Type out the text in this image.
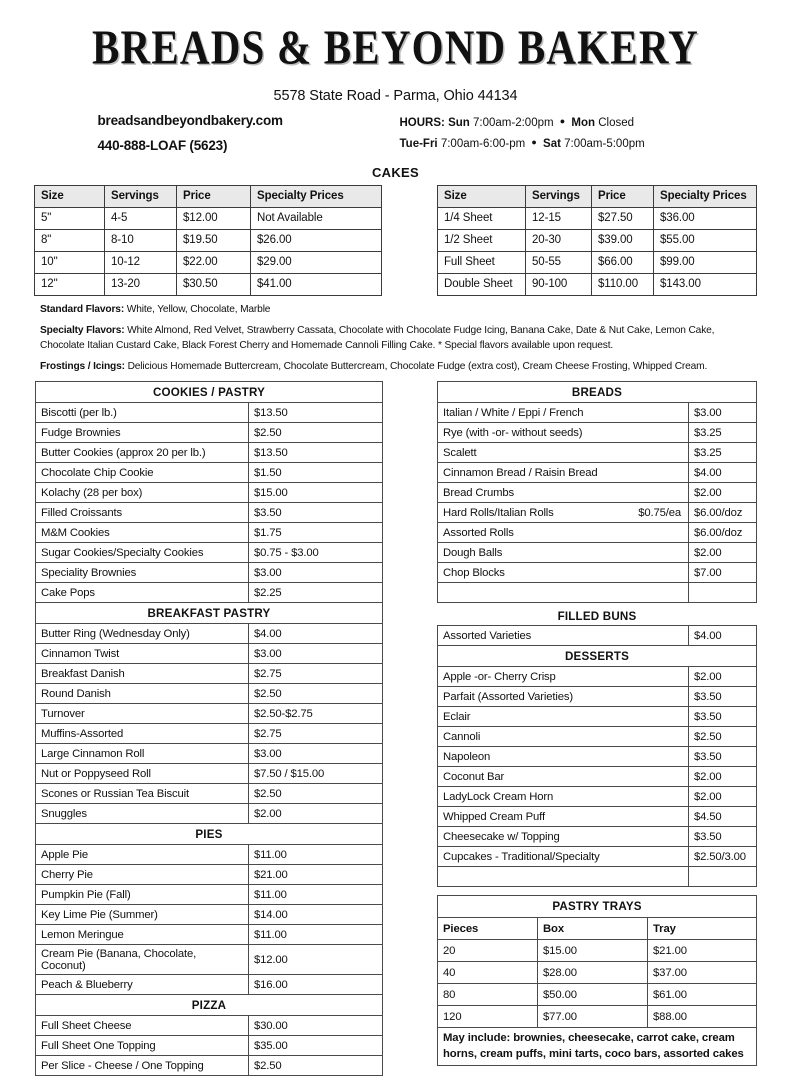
BREADS & BEYOND BAKERY
5578 State Road - Parma, Ohio 44134
breadsandbeyondbakery.com
440-888-LOAF (5623)
HOURS: Sun 7:00am-2:00pm ● Mon Closed
Tue-Fri 7:00am-6:00-pm ● Sat 7:00am-5:00pm
CAKES
Size	Servings	Price	Specialty Prices
5"	4-5	$12.00	Not Available
8"	8-10	$19.50	$26.00
10"	10-12	$22.00	$29.00
12"	13-20	$30.50	$41.00
Size	Servings	Price	Specialty Prices
1/4 Sheet	12-15	$27.50	$36.00
1/2 Sheet	20-30	$39.00	$55.00
Full Sheet	50-55	$66.00	$99.00
Double Sheet	90-100	$110.00	$143.00
Standard Flavors: White, Yellow, Chocolate, Marble
Specialty Flavors: White Almond, Red Velvet, Strawberry Cassata, Chocolate with Chocolate Fudge Icing, Banana Cake, Date & Nut Cake, Lemon Cake, Chocolate Italian Custard Cake, Black Forest Cherry and Homemade Cannoli Filling Cake. * Special flavors available upon request.
Frostings / Icings: Delicious Homemade Buttercream, Chocolate Buttercream, Chocolate Fudge (extra cost), Cream Cheese Frosting, Whipped Cream.
COOKIES / PASTRY	
Biscotti (per lb.)	$13.50
Fudge Brownies	$2.50
Butter Cookies (approx 20 per lb.)	$13.50
Chocolate Chip Cookie	$1.50
Kolachy (28 per box)	$15.00
Filled Croissants	$3.50
M&M Cookies	$1.75
Sugar Cookies/Specialty Cookies	$0.75 - $3.00
Speciality Brownies	$3.00
Cake Pops	$2.25
BREAKFAST PASTRY	
Butter Ring (Wednesday Only)	$4.00
Cinnamon Twist	$3.00
Breakfast Danish	$2.75
Round Danish	$2.50
Turnover	$2.50-$2.75
Muffins-Assorted	$2.75
Large Cinnamon Roll	$3.00
Nut or Poppyseed Roll	$7.50 / $15.00
Scones or Russian Tea Biscuit	$2.50
Snuggles	$2.00
PIES	
Apple Pie	$11.00
Cherry Pie	$21.00
Pumpkin Pie (Fall)	$11.00
Key Lime Pie (Summer)	$14.00
Lemon Meringue	$11.00
Cream Pie (Banana, Chocolate, Coconut)	$12.00
Peach & Blueberry	$16.00
PIZZA	
Full Sheet Cheese	$30.00
Full Sheet One Topping	$35.00
Per Slice - Cheese / One Topping	$2.50
BREADS	
Italian / White / Eppi / French	$3.00
Rye (with -or- without seeds)	$3.25
Scalett	$3.25
Cinnamon Bread / Raisin Bread	$4.00
Bread Crumbs	$2.00
Hard Rolls/Italian Rolls $0.75/ea	$6.00/doz
Assorted Rolls	$6.00/doz
Dough Balls	$2.00
Chop Blocks	$7.00

FILLED BUNS
Assorted Varieties	$4.00
DESSERTS	
Apple -or- Cherry Crisp	$2.00
Parfait (Assorted Varieties)	$3.50
Eclair	$3.50
Cannoli	$2.50
Napoleon	$3.50
Coconut Bar	$2.00
LadyLock Cream Horn	$2.00
Whipped Cream Puff	$4.50
Cheesecake w/ Topping	$3.50
Cupcakes - Traditional/Specialty	$2.50/3.00

PASTRY TRAYS		
Pieces	Box	Tray
20	$15.00	$21.00
40	$28.00	$37.00
80	$50.00	$61.00
120	$77.00	$88.00
May include: brownies, cheesecake, carrot cake, cream horns, cream puffs, mini tarts, coco bars, assorted cakes		
